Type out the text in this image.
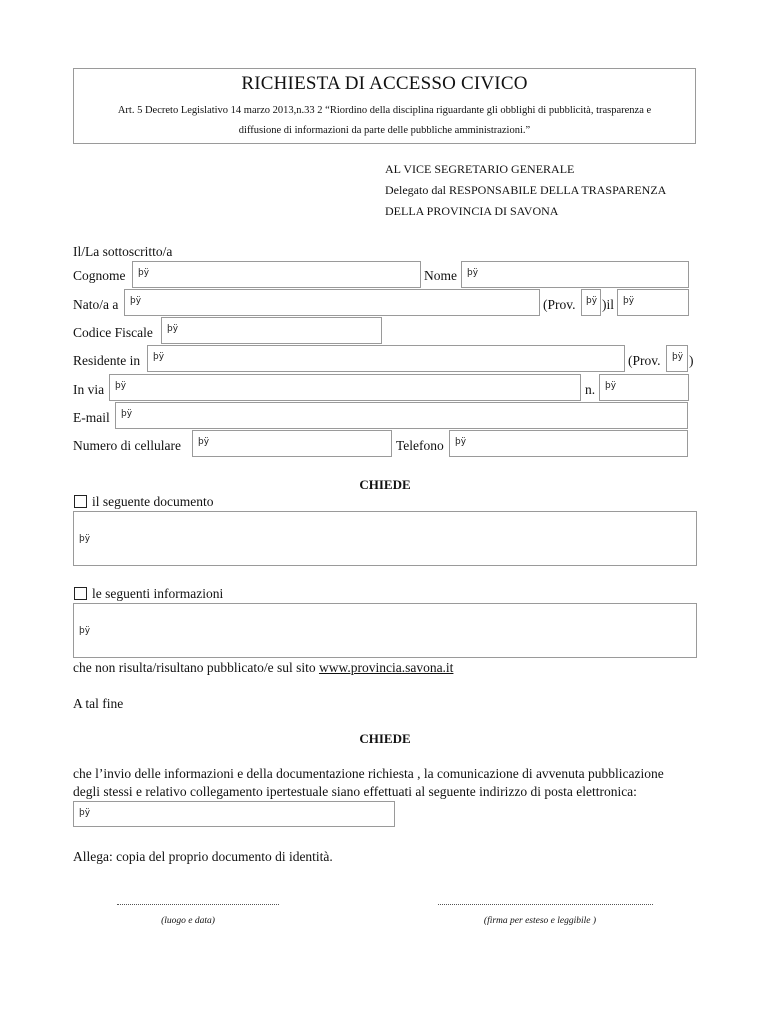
RICHIESTA DI ACCESSO CIVICO
Art. 5 Decreto Legislativo 14 marzo 2013,n.33 2 “Riordino della disciplina riguardante gli obblighi di pubblicità, trasparenza e
diffusione di informazioni da parte delle pubbliche amministrazioni.”
AL VICE SEGRETARIO GENERALE
Delegato dal RESPONSABILE DELLA TRASPARENZA
DELLA PROVINCIA DI SAVONA
Il/La sottoscritto/a
Cognome þÿ	Nome þÿ
Nato/a a þÿ	(Prov. þÿ )il þÿ
Codice Fiscale þÿ
Residente in þÿ	(Prov. þÿ )
In via þÿ	n. þÿ
E-mail þÿ
Numero di cellulare þÿ	Telefono þÿ
CHIEDE
il seguente documento
þÿ
le seguenti informazioni
þÿ
che non risulta/risultano pubblicato/e sul sito www.provincia.savona.it
A tal fine
CHIEDE
che l’invio delle informazioni e della documentazione richiesta , la comunicazione di avvenuta pubblicazione
degli stessi e relativo collegamento ipertestuale siano effettuati al seguente indirizzo di posta elettronica:
þÿ
Allega: copia del proprio documento di identità.
(luogo e data)	(firma per esteso e leggibile )
